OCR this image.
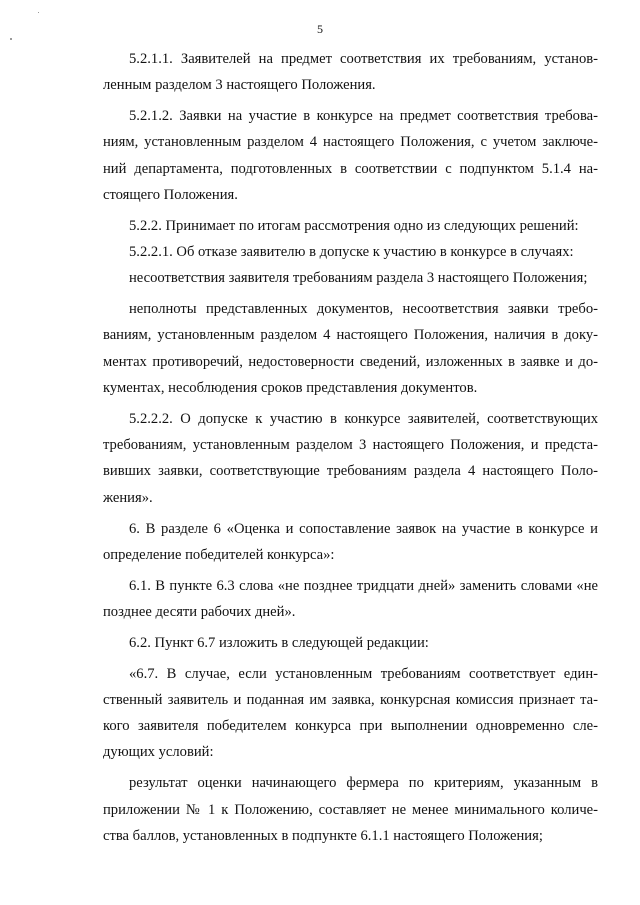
5
5.2.1.1. Заявителей на предмет соответствия их требованиям, установ-
ленным разделом 3 настоящего Положения.
5.2.1.2. Заявки на участие в конкурсе на предмет соответствия требова-
ниям, установленным разделом 4 настоящего Положения, с учетом заключе-
ний департамента, подготовленных в соответствии с подпунктом 5.1.4 на-
стоящего Положения.
5.2.2. Принимает по итогам рассмотрения одно из следующих решений:
5.2.2.1. Об отказе заявителю в допуске к участию в конкурсе в случаях:
несоответствия заявителя требованиям раздела 3 настоящего Положения;
неполноты представленных документов, несоответствия заявки требо-
ваниям, установленным разделом 4 настоящего Положения, наличия в доку-
ментах противоречий, недостоверности сведений, изложенных в заявке и до-
кументах, несоблюдения сроков представления документов.
5.2.2.2. О допуске к участию в конкурсе заявителей, соответствующих
требованиям, установленным разделом 3 настоящего Положения, и предста-
вивших заявки, соответствующие требованиям раздела 4 настоящего Поло-
жения».
6. В разделе 6 «Оценка и сопоставление заявок на участие в конкурсе и
определение победителей конкурса»:
6.1. В пункте 6.3 слова «не позднее тридцати дней» заменить словами «не
позднее десяти рабочих дней».
6.2. Пункт 6.7 изложить в следующей редакции:
«6.7. В случае, если установленным требованиям соответствует един-
ственный заявитель и поданная им заявка, конкурсная комиссия признает та-
кого заявителя победителем конкурса при выполнении одновременно сле-
дующих условий:
результат оценки начинающего фермера по критериям, указанным в
приложении № 1 к Положению, составляет не менее минимального количе-
ства баллов, установленных в подпункте 6.1.1 настоящего Положения;
